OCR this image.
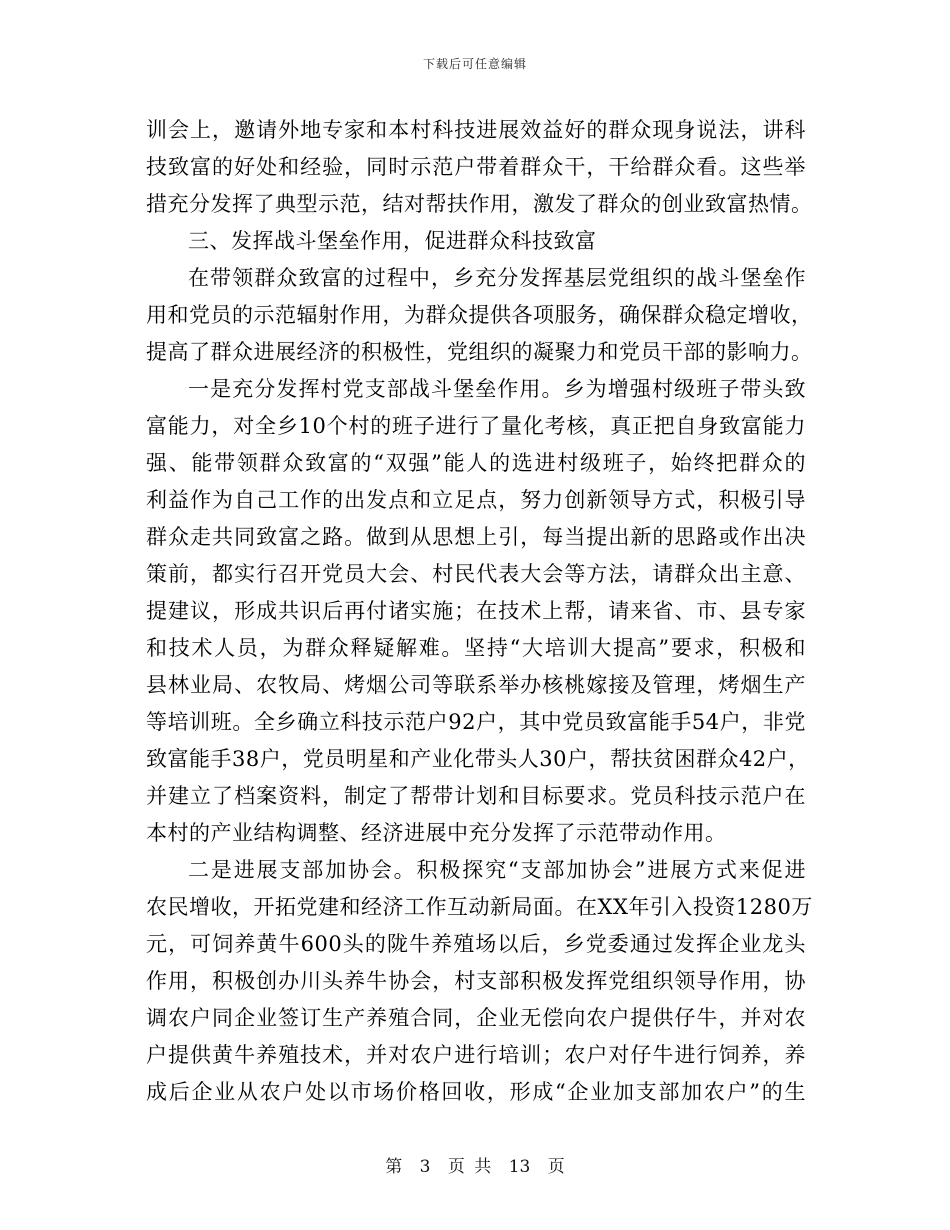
下载后可任意编辑
训会上，邀请外地专家和本村科技进展效益好的群众现身说法，讲科
技致富的好处和经验，同时示范户带着群众干，干给群众看。这些举
措充分发挥了典型示范，结对帮扶作用，激发了群众的创业致富热情。
三、发挥战斗堡垒作用，促进群众科技致富
在带领群众致富的过程中，乡充分发挥基层党组织的战斗堡垒作
用和党员的示范辐射作用，为群众提供各项服务，确保群众稳定增收，
提高了群众进展经济的积极性，党组织的凝聚力和党员干部的影响力。
一是充分发挥村党支部战斗堡垒作用。乡为增强村级班子带头致
富能力，对全乡10个村的班子进行了量化考核，真正把自身致富能力
强、能带领群众致富的“双强”能人的选进村级班子，始终把群众的
利益作为自己工作的出发点和立足点，努力创新领导方式，积极引导
群众走共同致富之路。做到从思想上引，每当提出新的思路或作出决
策前，都实行召开党员大会、村民代表大会等方法，请群众出主意、
提建议，形成共识后再付诸实施；在技术上帮，请来省、市、县专家
和技术人员，为群众释疑解难。坚持“大培训大提高”要求，积极和
县林业局、农牧局、烤烟公司等联系举办核桃嫁接及管理，烤烟生产
等培训班。全乡确立科技示范户92户，其中党员致富能手54户，非党
致富能手38户，党员明星和产业化带头人30户，帮扶贫困群众42户，
并建立了档案资料，制定了帮带计划和目标要求。党员科技示范户在
本村的产业结构调整、经济进展中充分发挥了示范带动作用。
二是进展支部加协会。积极探究“支部加协会”进展方式来促进
农民增收，开拓党建和经济工作互动新局面。在XX年引入投资1280万
元，可饲养黄牛600头的陇牛养殖场以后，乡党委通过发挥企业龙头
作用，积极创办川头养牛协会，村支部积极发挥党组织领导作用，协
调农户同企业签订生产养殖合同，企业无偿向农户提供仔牛，并对农
户提供黄牛养殖技术，并对农户进行培训；农户对仔牛进行饲养，养
成后企业从农户处以市场价格回收，形成“企业加支部加农户”的生
第 3 页 共 13 页
